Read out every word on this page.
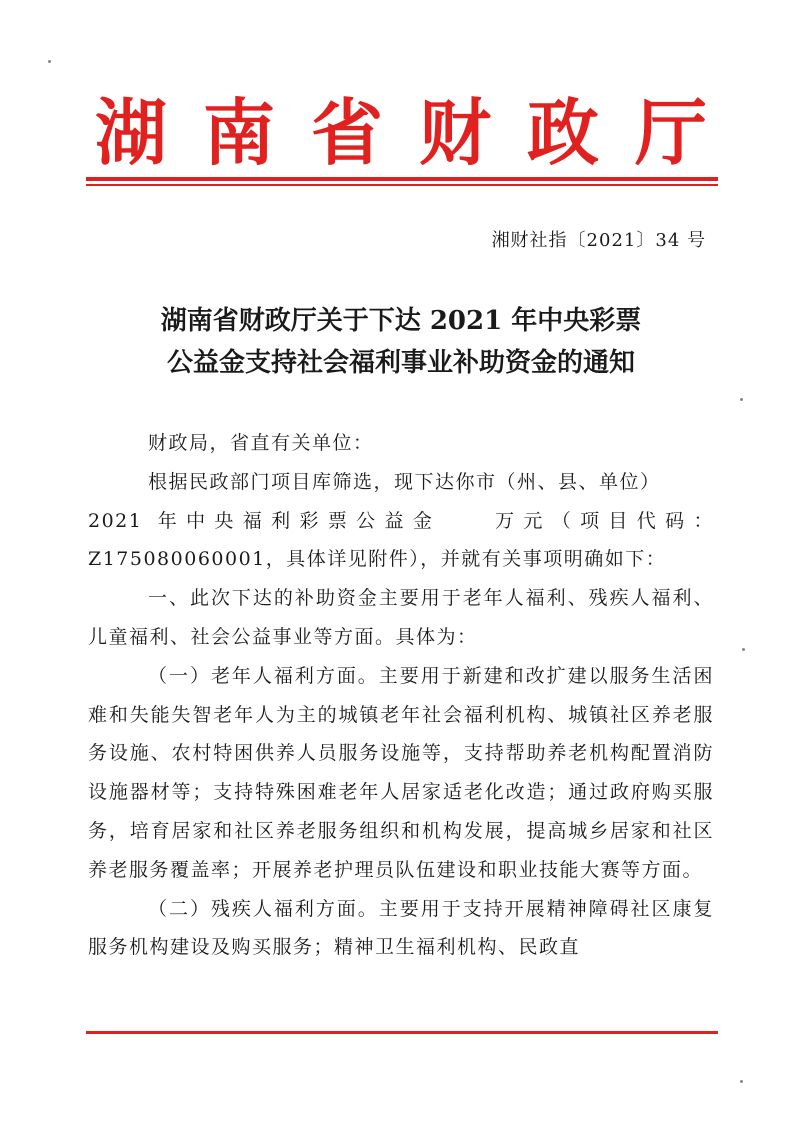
湖 南 省 财 政 厅
湘财社指〔2021〕34 号
湖南省财政厅关于下达 2021 年中央彩票
公益金支持社会福利事业补助资金的通知

财政局，省直有关单位：

根据民政部门项目库筛选，现下达你市（州、县、单位）

2021 年中央福利彩票公益金 万元（项目代码：

Z175080060001，具体详见附件），并就有关事项明确如下：

一、此次下达的补助资金主要用于老年人福利、残疾人福利、儿童福利、社会公益事业等方面。具体为：

（一）老年人福利方面。主要用于新建和改扩建以服务生活困难和失能失智老年人为主的城镇老年社会福利机构、城镇社区养老服务设施、农村特困供养人员服务设施等，支持帮助养老机构配置消防设施器材等；支持特殊困难老年人居家适老化改造；通过政府购买服务，培育居家和社区养老服务组织和机构发展，提高城乡居家和社区养老服务覆盖率；开展养老护理员队伍建设和职业技能大赛等方面。

（二）残疾人福利方面。主要用于支持开展精神障碍社区康复服务机构建设及购买服务；精神卫生福利机构、民政直
